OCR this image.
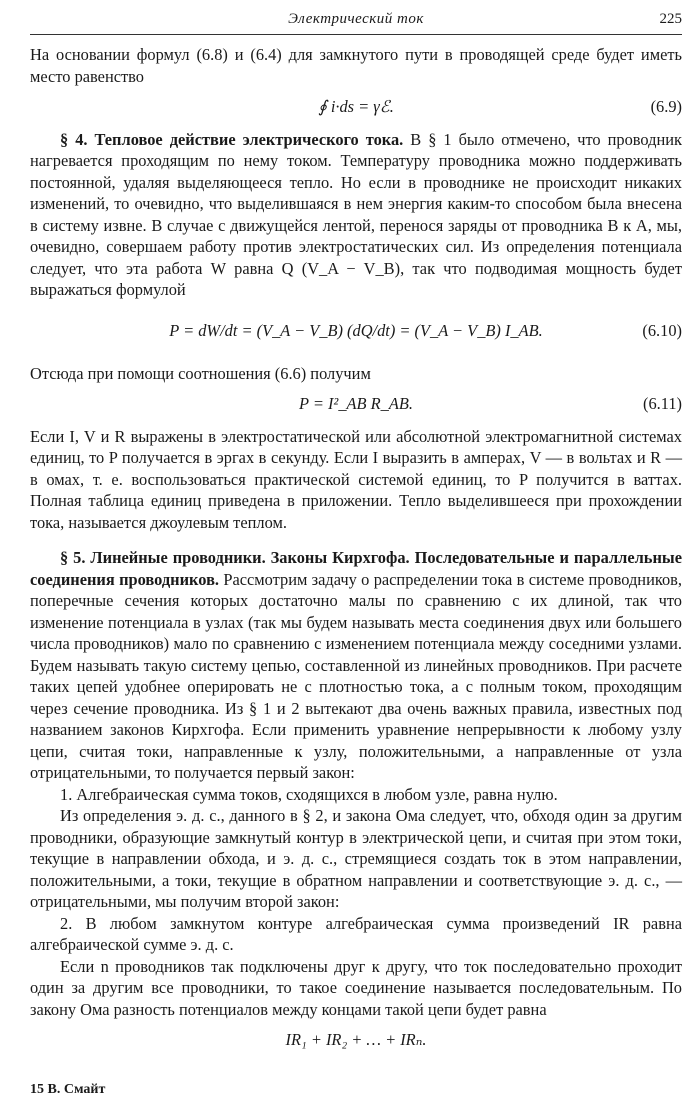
Электрический ток	225

На основании формул (6.8) и (6.4) для замкнутого пути в проводящей среде будет иметь место равенство

∮ i·ds = γℰ.	(6.9)

§ 4. Тепловое действие электрического тока. В § 1 было отмечено, что проводник нагревается проходящим по нему током. Температуру проводника можно поддерживать постоянной, удаляя выделяющееся тепло. Но если в проводнике не происходит никаких изменений, то очевидно, что выделившаяся в нем энергия каким-то способом была внесена в систему извне. В случае с движущейся лентой, перенося заряды от проводника B к A, мы, очевидно, совершаем работу против электростатических сил. Из определения потенциала следует, что эта работа W равна Q (V_A − V_B), так что подводимая мощность будет выражаться формулой

P = dW/dt = (V_A − V_B) (dQ/dt) = (V_A − V_B) I_AB.	(6.10)

Отсюда при помощи соотношения (6.6) получим

P = I²_AB R_AB.	(6.11)

Если I, V и R выражены в электростатической или абсолютной электромагнитной системах единиц, то P получается в эргах в секунду. Если I выразить в амперах, V — в вольтах и R — в омах, т. е. воспользоваться практической системой единиц, то P получится в ваттах. Полная таблица единиц приведена в приложении. Тепло выделившееся при прохождении тока, называется джоулевым теплом.

§ 5. Линейные проводники. Законы Кирхгофа. Последовательные и параллельные соединения проводников. Рассмотрим задачу о распределении тока в системе проводников, поперечные сечения которых достаточно малы по сравнению с их длиной, так что изменение потенциала в узлах (так мы будем называть места соединения двух или большего числа проводников) мало по сравнению с изменением потенциала между соседними узлами. Будем называть такую систему цепью, составленной из линейных проводников. При расчете таких цепей удобнее оперировать не с плотностью тока, а с полным током, проходящим через сечение проводника. Из § 1 и 2 вытекают два очень важных правила, известных под названием законов Кирхгофа. Если применить уравнение непрерывности к любому узлу цепи, считая токи, направленные к узлу, положительными, а направленные от узла отрицательными, то получается первый закон:

1. Алгебраическая сумма токов, сходящихся в любом узле, равна нулю.

Из определения э. д. с., данного в § 2, и закона Ома следует, что, обходя один за другим проводники, образующие замкнутый контур в электрической цепи, и считая при этом токи, текущие в направлении обхода, и э. д. с., стремящиеся создать ток в этом направлении, положительными, а токи, текущие в обратном направлении и соответствующие э. д. с., — отрицательными, мы получим второй закон:

2. В любом замкнутом контуре алгебраическая сумма произведений IR равна алгебраической сумме э. д. с.

Если n проводников так подключены друг к другу, что ток последовательно проходит один за другим все проводники, то такое соединение называется последовательным. По закону Ома разность потенциалов между концами такой цепи будет равна

IR₁ + IR₂ + … + IRₙ.
15 В. Смайт
